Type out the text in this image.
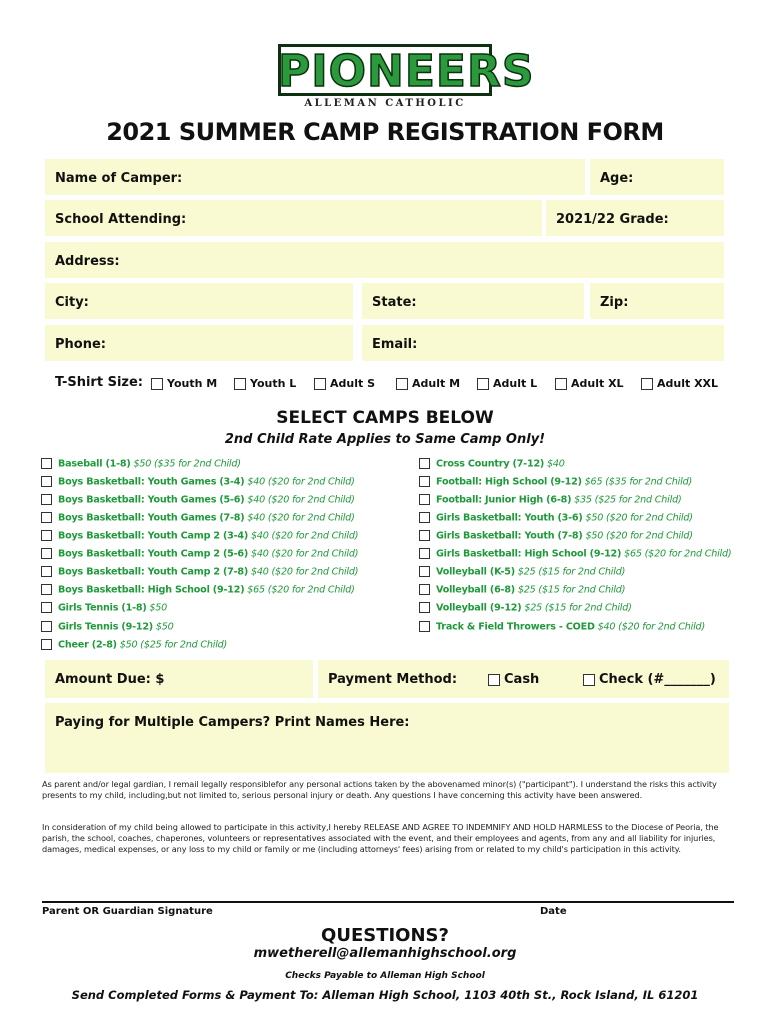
PIONEERS
ALLEMAN CATHOLIC
2021 SUMMER CAMP REGISTRATION FORM
Name of Camper:	Age:
School Attending:	2021/22 Grade:
Address:
City:	State:	Zip:
Phone:	Email:
T-Shirt Size:	Youth M	Youth L	Adult S	Adult M	Adult L	Adult XL	Adult XXL
SELECT CAMPS BELOW
2nd Child Rate Applies to Same Camp Only!
Baseball (1-8) $50 ($35 for 2nd Child)
Boys Basketball: Youth Games (3-4) $40 ($20 for 2nd Child)
Boys Basketball: Youth Games (5-6) $40 ($20 for 2nd Child)
Boys Basketball: Youth Games (7-8) $40 ($20 for 2nd Child)
Boys Basketball: Youth Camp 2 (3-4) $40 ($20 for 2nd Child)
Boys Basketball: Youth Camp 2 (5-6) $40 ($20 for 2nd Child)
Boys Basketball: Youth Camp 2 (7-8) $40 ($20 for 2nd Child)
Boys Basketball: High School (9-12) $65 ($20 for 2nd Child)
Girls Tennis (1-8) $50
Girls Tennis (9-12) $50
Cheer (2-8) $50 ($25 for 2nd Child)
Cross Country (7-12) $40
Football: High School (9-12) $65 ($35 for 2nd Child)
Football: Junior High (6-8) $35 ($25 for 2nd Child)
Girls Basketball: Youth (3-6) $50 ($20 for 2nd Child)
Girls Basketball: Youth (7-8) $50 ($20 for 2nd Child)
Girls Basketball: High School (9-12) $65 ($20 for 2nd Child)
Volleyball (K-5) $25 ($15 for 2nd Child)
Volleyball (6-8) $25 ($15 for 2nd Child)
Volleyball (9-12) $25 ($15 for 2nd Child)
Track & Field Throwers - COED $40 ($20 for 2nd Child)
Amount Due: $	Payment Method:	Cash	Check (#_______)
Paying for Multiple Campers? Print Names Here:
As parent and/or legal gardian, I remail legally responsiblefor any personal actions taken by the abovenamed minor(s) ("participant"). I understand the risks this activity presents to my child, including,but not limited to, serious personal injury or death. Any questions I have concerning this activity have been answered.
In consideration of my child being allowed to participate in this activity,I hereby RELEASE AND AGREE TO INDEMNIFY AND HOLD HARMLESS to the Diocese of Peoria, the parish, the school, coaches, chaperones, volunteers or representatives associated with the event, and their employees and agents, from any and all liability for injuries, damages, medical expenses, or any loss to my child or family or me (including attorneys' fees) arising from or related to my child's participation in this activity.
Parent OR Guardian Signature	Date
QUESTIONS?
mwetherell@allemanhighschool.org
Checks Payable to Alleman High School
Send Completed Forms & Payment To: Alleman High School, 1103 40th St., Rock Island, IL 61201
